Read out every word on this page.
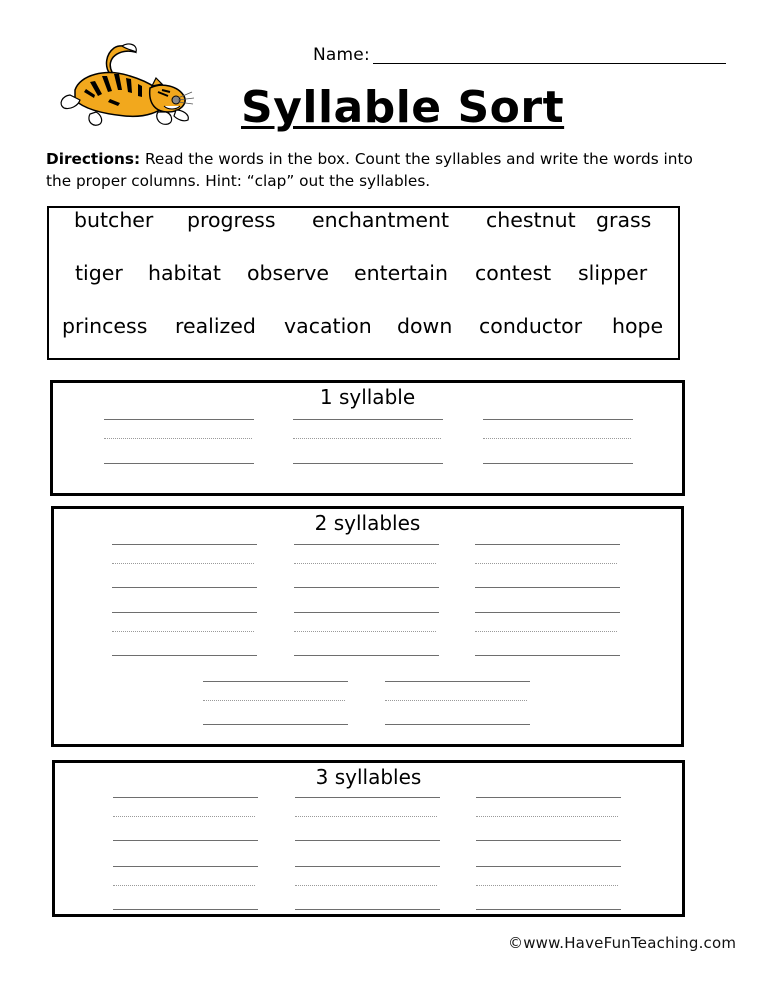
Name:
Syllable Sort
Directions: Read the words in the box. Count the syllables and write the words into the proper columns. Hint: “clap” out the syllables.
butcher progress enchantment chestnut grass
tiger habitat observe entertain contest slipper
princess realized vacation down conductor hope
1 syllable
2 syllables
3 syllables
©www.HaveFunTeaching.com
